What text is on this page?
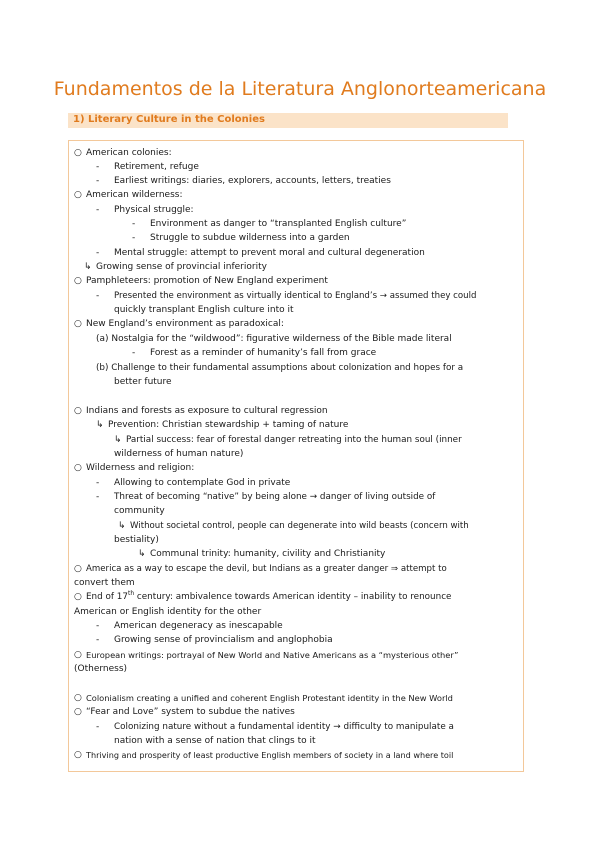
Fundamentos de la Literatura Anglonorteamericana
1) Literary Culture in the Colonies
○ American colonies:
- Retirement, refuge
- Earliest writings: diaries, explorers, accounts, letters, treaties
○ American wilderness:
- Physical struggle:
- Environment as danger to “transplanted English culture”
- Struggle to subdue wilderness into a garden
- Mental struggle: attempt to prevent moral and cultural degeneration
↳ Growing sense of provincial inferiority
○ Pamphleteers: promotion of New England experiment
- Presented the environment as virtually identical to England’s → assumed they could
quickly transplant English culture into it
○ New England’s environment as paradoxical:
(a) Nostalgia for the “wildwood”: figurative wilderness of the Bible made literal
- Forest as a reminder of humanity’s fall from grace
(b) Challenge to their fundamental assumptions about colonization and hopes for a
better future
○ Indians and forests as exposure to cultural regression
↳ Prevention: Christian stewardship + taming of nature
↳ Partial success: fear of forestal danger retreating into the human soul (inner
wilderness of human nature)
○ Wilderness and religion:
- Allowing to contemplate God in private
- Threat of becoming “native” by being alone → danger of living outside of
community
↳ Without societal control, people can degenerate into wild beasts (concern with
bestiality)
↳ Communal trinity: humanity, civility and Christianity
○ America as a way to escape the devil, but Indians as a greater danger ⇒ attempt to
convert them
○ End of 17th century: ambivalence towards American identity – inability to renounce
American or English identity for the other
- American degeneracy as inescapable
- Growing sense of provincialism and anglophobia
○ European writings: portrayal of New World and Native Americans as a “mysterious other”
(Otherness)
○ Colonialism creating a unified and coherent English Protestant identity in the New World
○ “Fear and Love” system to subdue the natives
- Colonizing nature without a fundamental identity → difficulty to manipulate a
nation with a sense of nation that clings to it
○ Thriving and prosperity of least productive English members of society in a land where toil
